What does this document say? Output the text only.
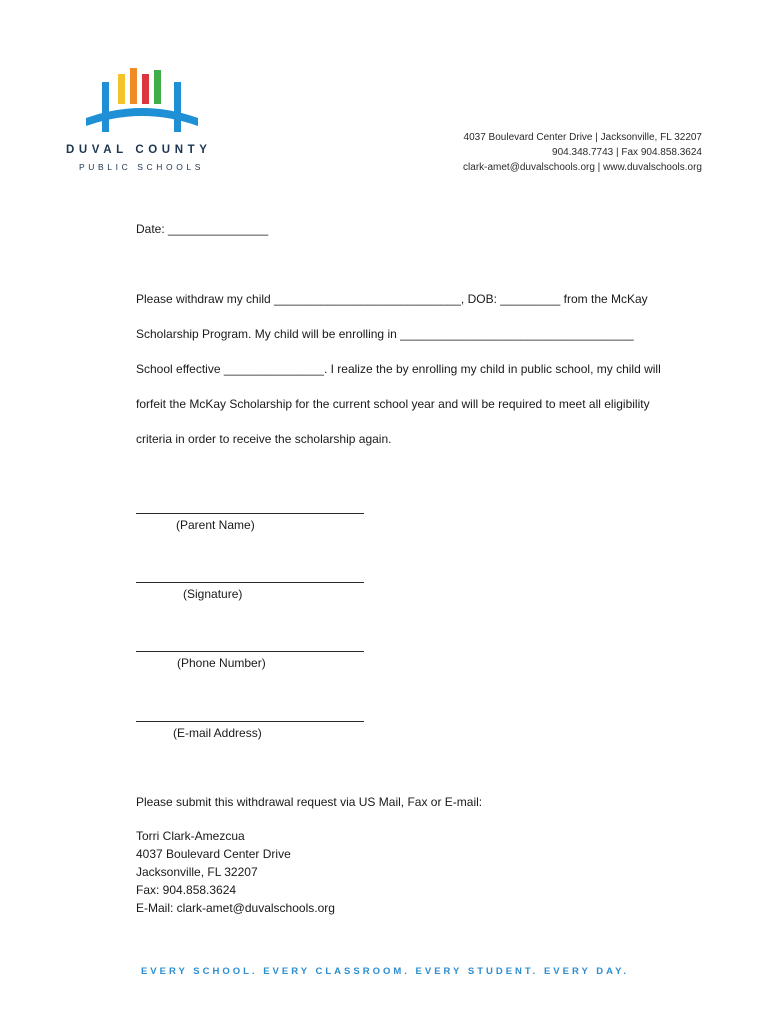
DUVAL COUNTY
PUBLIC SCHOOLS
4037 Boulevard Center Drive | Jacksonville, FL 32207
904.348.7743 | Fax 904.858.3624
clark-amet@duvalschools.org | www.duvalschools.org
Date: _______________
Please withdraw my child ____________________________, DOB: _________ from the McKay
Scholarship Program. My child will be enrolling in ___________________________________
School effective _______________. I realize the by enrolling my child in public school, my child will
forfeit the McKay Scholarship for the current school year and will be required to meet all eligibility
criteria in order to receive the scholarship again.
(Parent Name)
(Signature)
(Phone Number)
(E-mail Address)
Please submit this withdrawal request via US Mail, Fax or E-mail:
Torri Clark-Amezcua
4037 Boulevard Center Drive
Jacksonville, FL 32207
Fax: 904.858.3624
E-Mail: clark-amet@duvalschools.org
EVERY SCHOOL. EVERY CLASSROOM. EVERY STUDENT. EVERY DAY.
